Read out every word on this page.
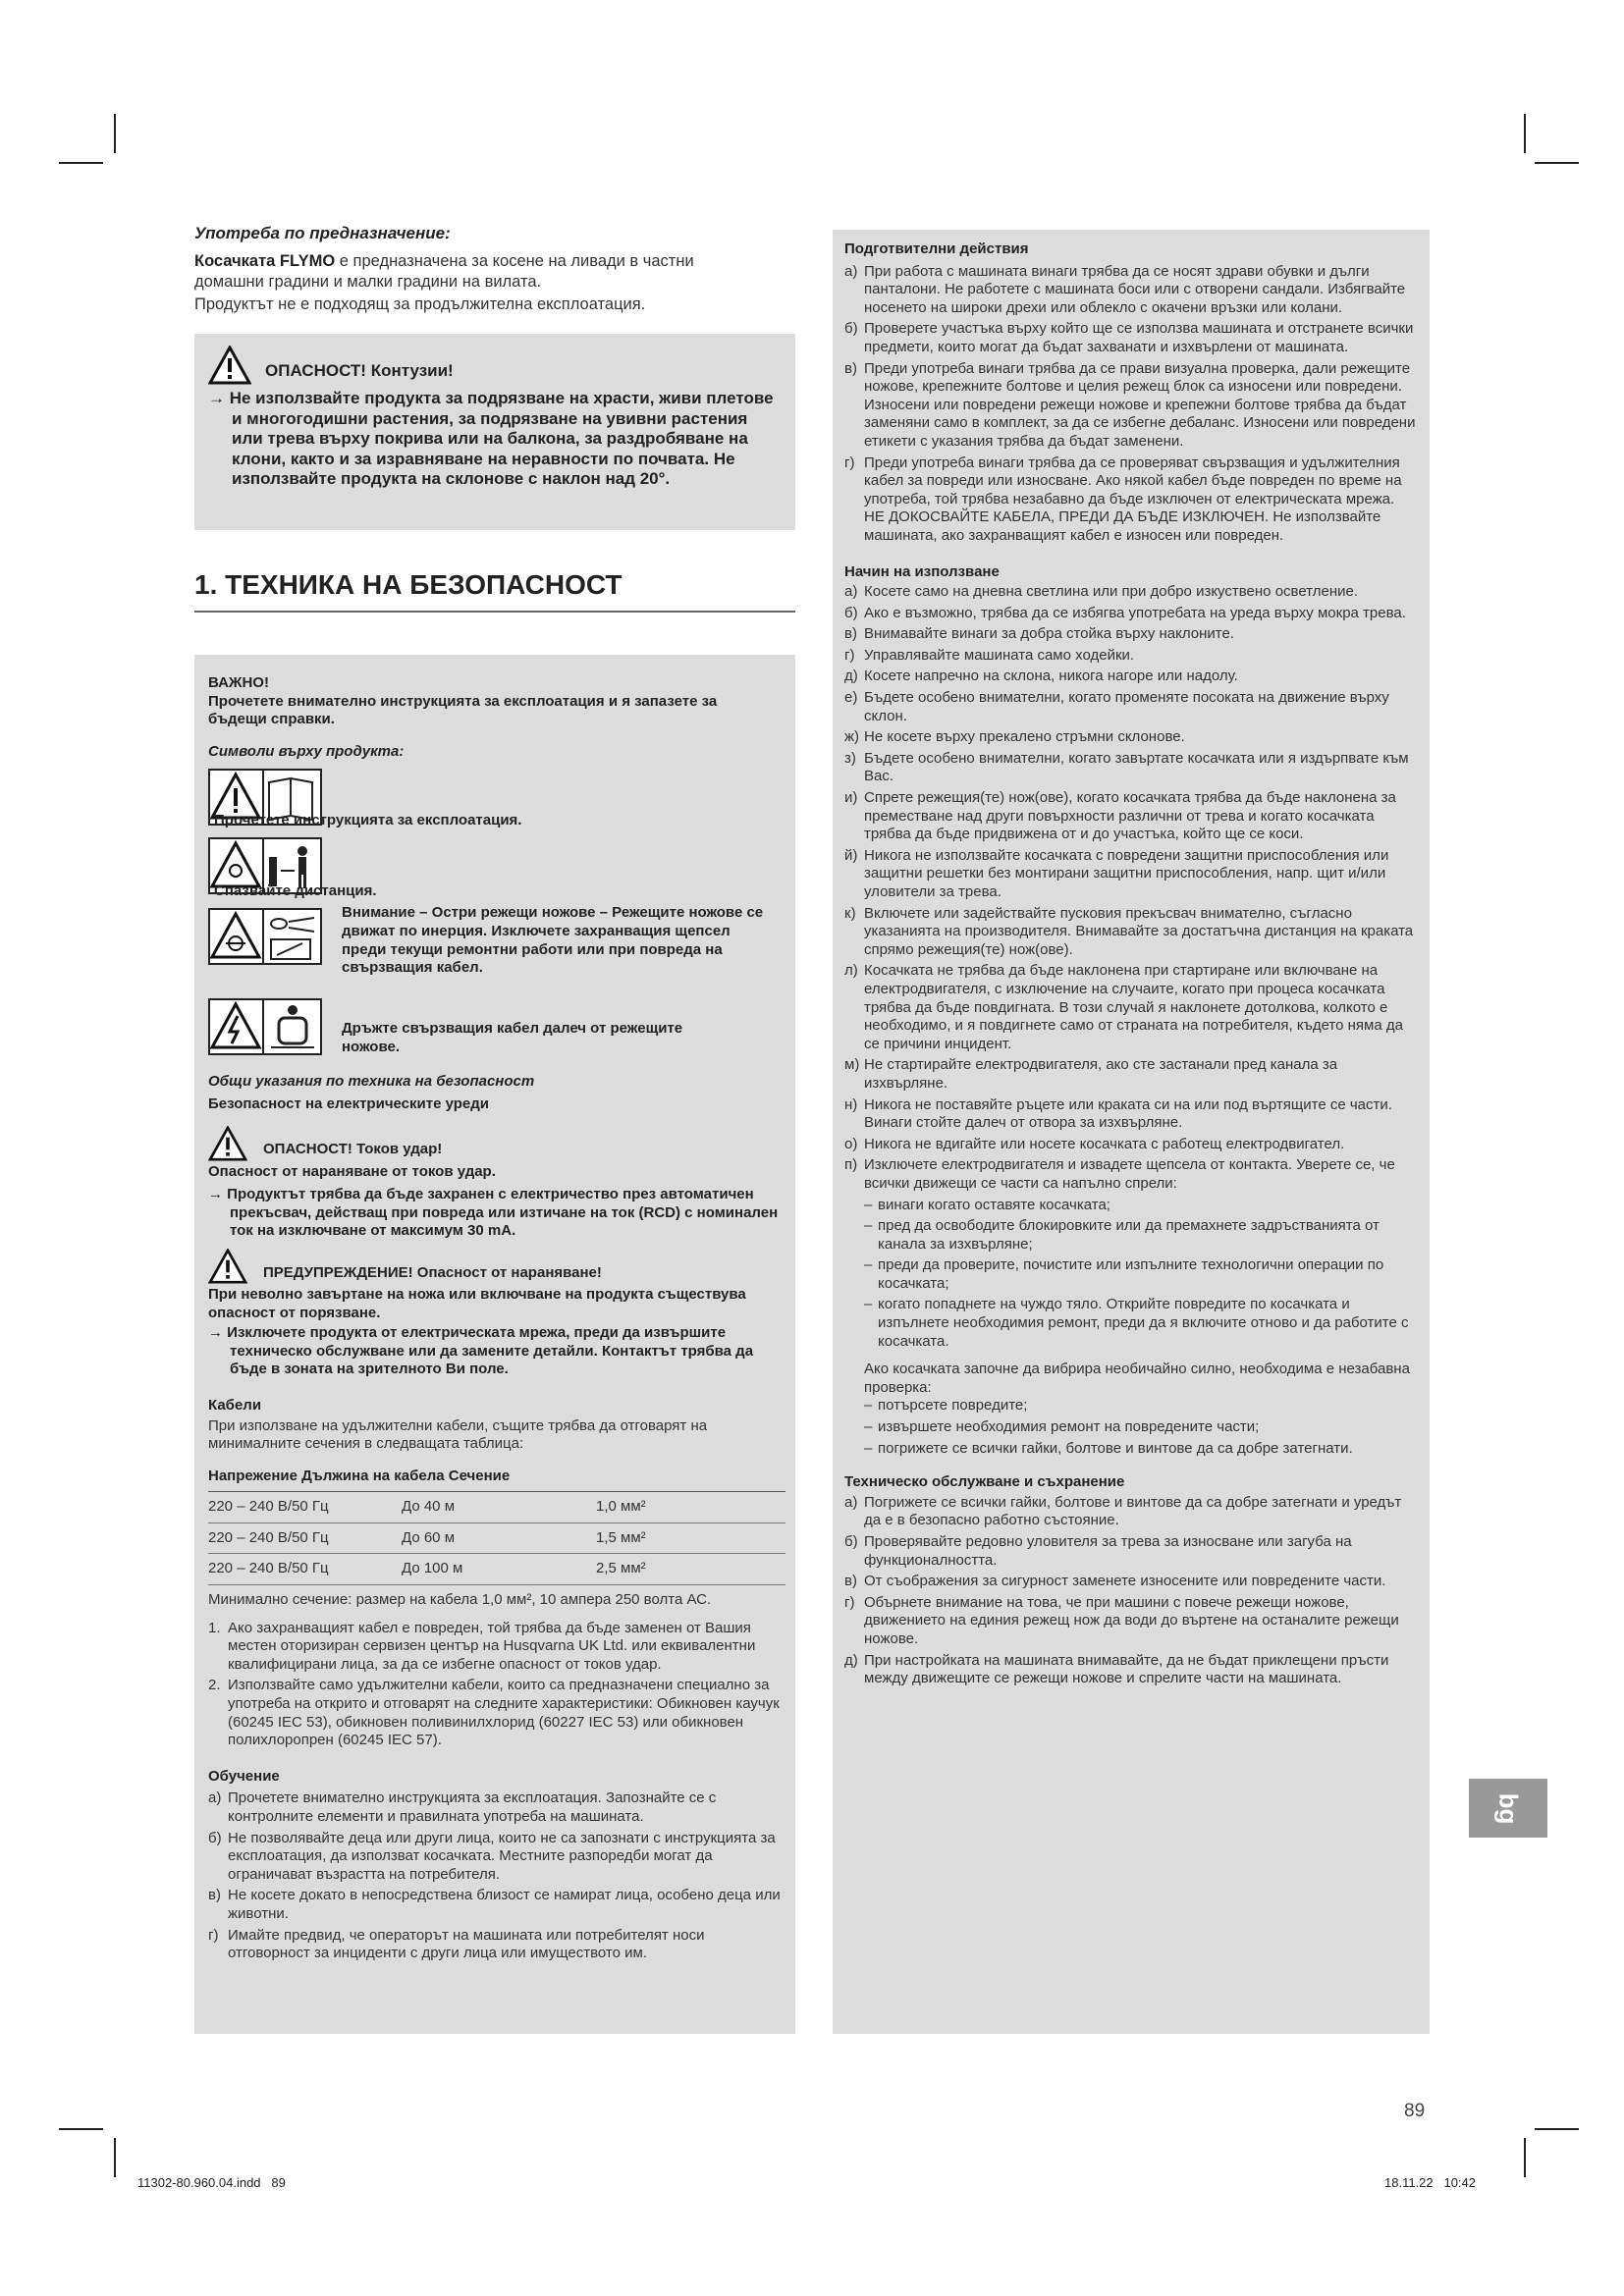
Употреба по предназначение:
Косачката FLYMO е предназначена за косене на ливади в частни домашни градини и малки градини на вилата.
Продуктът не е подходящ за продължителна експлоатация.
ОПАСНОСТ! Контузии!
→ Не използвайте продукта за подрязване на храсти, живи плетове и многогодишни растения, за подрязване на увивни растения или трева върху покрива или на балкона, за раздробяване на клони, както и за изравняване на неравности по почвата. Не използвайте продукта на склонове с наклон над 20°.
1. ТЕХНИКА НА БЕЗОПАСНОСТ
ВАЖНО!
Прочетете внимателно инструкцията за експлоатация и я запазете за бъдещи справки.
Символи върху продукта:
Прочетете инструкцията за експлоатация.
Спазвайте дистанция.
Внимание – Остри режещи ножове – Режещите ножове се движат по инерция. Изключете захранващия щепсел преди текущи ремонтни работи или при повреда на свързващия кабел.
Дръжте свързващия кабел далеч от режещите ножове.
Общи указания по техника на безопасност
Безопасност на електрическите уреди
ОПАСНОСТ! Токов удар!
Опасност от нараняване от токов удар.
→ Продуктът трябва да бъде захранен с електричество през автоматичен прекъсвач, действащ при повреда или изтичане на ток (RCD) с номинален ток на изключване от максимум 30 mA.
ПРЕДУПРЕЖДЕНИЕ! Опасност от нараняване!
При неволно завъртане на ножа или включване на продукта съществува опасност от порязване.
→ Изключете продукта от електрическата мрежа, преди да извършите техническо обслужване или да замените детайли. Контактът трябва да бъде в зоната на зрителното Ви поле.
Кабели
При използване на удължителни кабели, същите трябва да отговарят на минималните сечения в следващата таблица:
Напрежение Дължина на кабела Сечение
220 – 240 В/50 Гц	До 40 м	1,0 мм²
220 – 240 В/50 Гц	До 60 м	1,5 мм²
220 – 240 В/50 Гц	До 100 м	2,5 мм²
Минимално сечение: размер на кабела 1,0 мм², 10 ампера 250 волта АС.
1. Ако захранващият кабел е повреден, той трябва да бъде заменен от Вашия местен оторизиран сервизен център на Husqvarna UK Ltd. или еквивалентни квалифицирани лица, за да се избегне опасност от токов удар.
2. Използвайте само удължителни кабели, които са предназначени специално за употреба на открито и отговарят на следните характеристики: Обикновен каучук (60245 IEC 53), обикновен поливинилхлорид (60227 IEC 53) или обикновен полихлоропрен (60245 IEC 57).
Обучение
а) Прочетете внимателно инструкцията за експлоатация. Запознайте се с контролните елементи и правилната употреба на машината.
б) Не позволявайте деца или други лица, които не са запознати с инструкцията за експлоатация, да използват косачката. Местните разпоредби могат да ограничават възрастта на потребителя.
в) Не косете докато в непосредствена близост се намират лица, особено деца или животни.
г) Имайте предвид, че операторът на машината или потребителят носи отговорност за инциденти с други лица или имуществото им.
Подготвителни действия
а) При работа с машината винаги трябва да се носят здрави обувки и дълги панталони. Не работете с машината боси или с отворени сандали. Избягвайте носенето на широки дрехи или облекло с окачени връзки или колани.
б) Проверете участъка върху който ще се използва машината и отстранете всички предмети, които могат да бъдат захванати и изхвърлени от машината.
в) Преди употреба винаги трябва да се прави визуална проверка, дали режещите ножове, крепежните болтове и целия режещ блок са износени или повредени. Износени или повредени режещи ножове и крепежни болтове трябва да бъдат заменяни само в комплект, за да се избегне дебаланс. Износени или повредени етикети с указания трябва да бъдат заменени.
г) Преди употреба винаги трябва да се проверяват свързващия и удължителния кабел за повреди или износване. Ако някой кабел бъде повреден по време на употреба, той трябва незабавно да бъде изключен от електрическата мрежа. НЕ ДОКОСВАЙТЕ КАБЕЛА, ПРЕДИ ДА БЪДЕ ИЗКЛЮЧЕН. Не използвайте машината, ако захранващият кабел е износен или повреден.
Начин на използване
а) Косете само на дневна светлина или при добро изкуствено осветление.
б) Ако е възможно, трябва да се избягва употребата на уреда върху мокра трева.
в) Внимавайте винаги за добра стойка върху наклоните.
г) Управлявайте машината само ходейки.
д) Косете напречно на склона, никога нагоре или надолу.
е) Бъдете особено внимателни, когато променяте посоката на движение върху склон.
ж) Не косете върху прекалено стръмни склонове.
з) Бъдете особено внимателни, когато завъртате косачката или я издърпвате към Вас.
и) Спрете режещия(те) нож(ове), когато косачката трябва да бъде наклонена за преместване над други повърхности различни от трева и когато косачката трябва да бъде придвижена от и до участъка, който ще се коси.
й) Никога не използвайте косачката с повредени защитни приспособления или защитни решетки без монтирани защитни приспособления, напр. щит и/или уловители за трева.
к) Включете или задействайте пусковия прекъсвач внимателно, съгласно указанията на производителя. Внимавайте за достатъчна дистанция на краката спрямо режещия(те) нож(ове).
л) Косачката не трябва да бъде наклонена при стартиране или включване на електродвигателя, с изключение на случаите, когато при процеса косачката трябва да бъде повдигната. В този случай я наклонете дотолкова, колкото е необходимо, и я повдигнете само от страната на потребителя, където няма да се причини инцидент.
м) Не стартирайте електродвигателя, ако сте застанали пред канала за изхвърляне.
н) Никога не поставяйте ръцете или краката си на или под въртящите се части. Винаги стойте далеч от отвора за изхвърляне.
о) Никога не вдигайте или носете косачката с работещ електродвигател.
п) Изключете електродвигателя и извадете щепсела от контакта. Уверете се, че всички движещи се части са напълно спрели:
– винаги когато оставяте косачката;
– пред да освободите блокировките или да премахнете задръстванията от канала за изхвърляне;
– преди да проверите, почистите или изпълните технологични операции по косачката;
– когато попаднете на чуждо тяло. Открийте повредите по косачката и изпълнете необходимия ремонт, преди да я включите отново и да работите с косачката.
Ако косачката започне да вибрира необичайно силно, необходима е незабавна проверка:
– потърсете повредите;
– извършете необходимия ремонт на повредените части;
– погрижете се всички гайки, болтове и винтове да са добре затегнати.
Техническо обслужване и съхранение
а) Погрижете се всички гайки, болтове и винтове да са добре затегнати и уредът да е в безопасно работно състояние.
б) Проверявайте редовно уловителя за трева за износване или загуба на функционалността.
в) От съображения за сигурност заменете износените или повредените части.
г) Обърнете внимание на това, че при машини с повече режещи ножове, движението на единия режещ нож да води до въртене на останалите режещи ножове.
д) При настройката на машината внимавайте, да не бъдат приклещени пръсти между движещите се режещи ножове и спрелите части на машината.
bg
89
11302-80.960.04.indd   89	18.11.22   10:42
